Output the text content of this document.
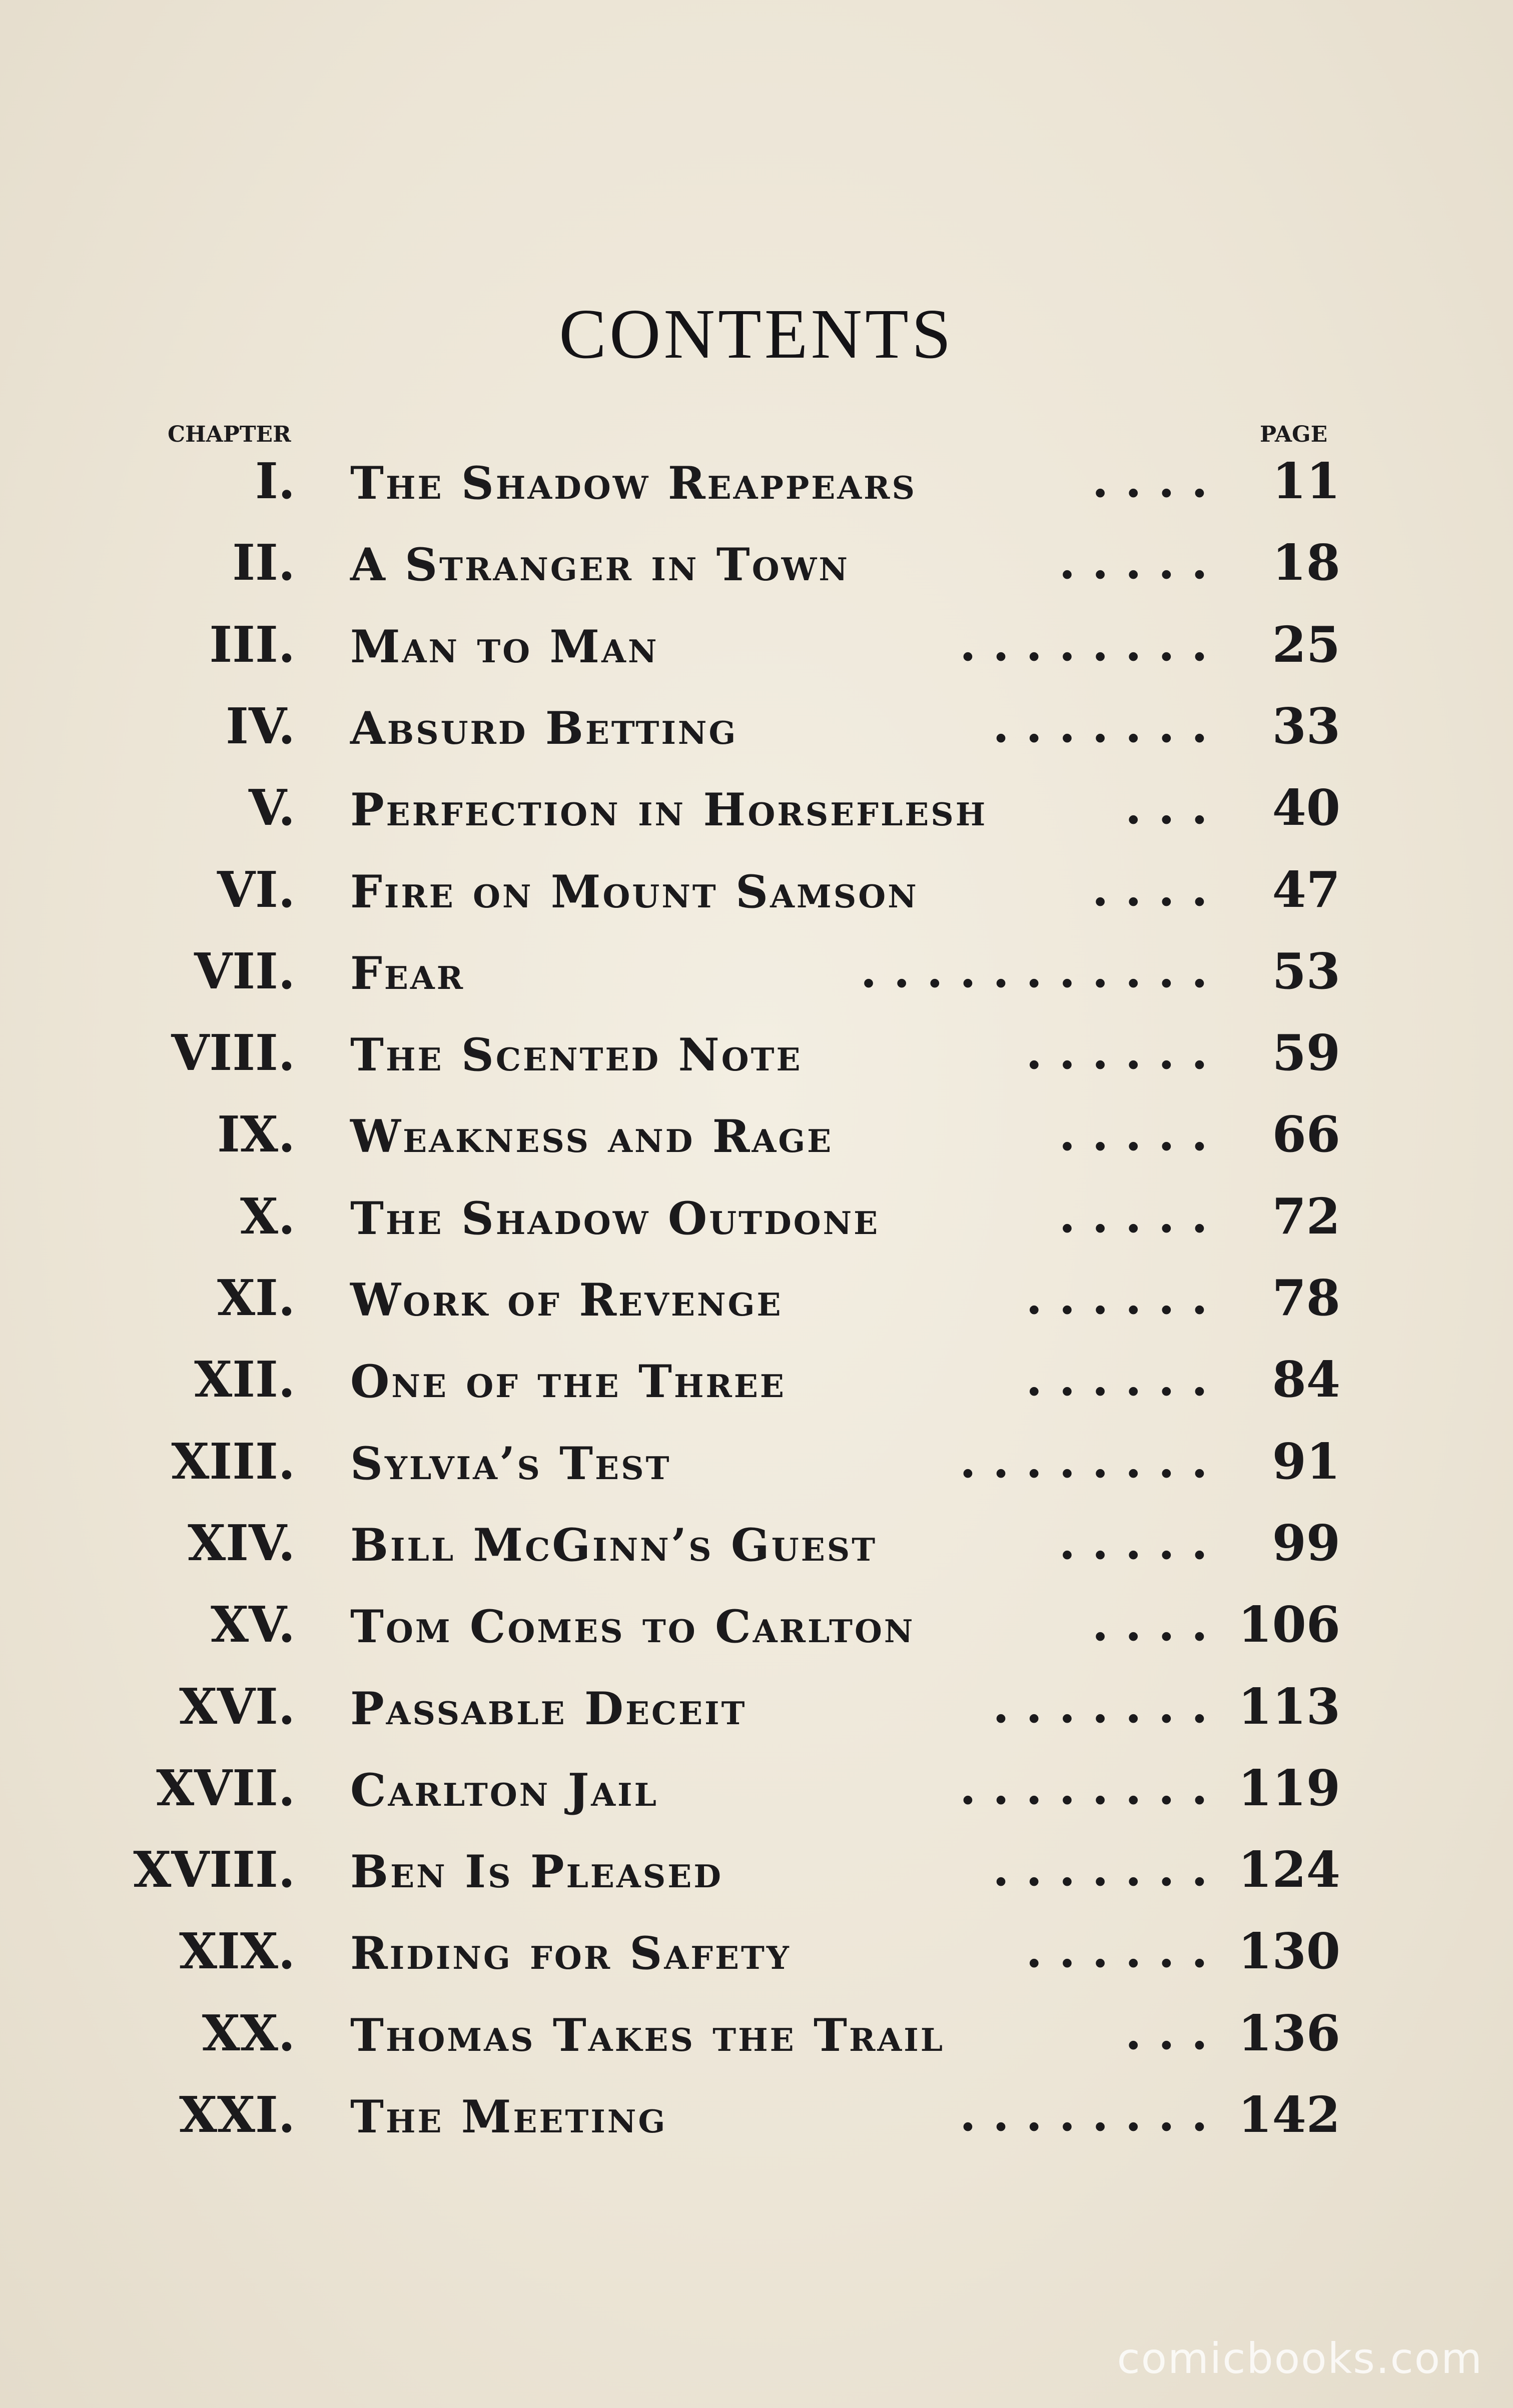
CONTENTS
CHAPTER	PAGE
I. The Shadow Reappears	. . . . 11
II. A Stranger in Town	. . . . . 18
III. Man to Man	. . . . . . . . 25
IV. Absurd Betting	. . . . . . . 33
V. Perfection in Horseflesh	. . . 40
VI. Fire on Mount Samson	. . . . 47
VII. Fear	. . . . . . . . . . . 53
VIII. The Scented Note	. . . . . . 59
IX. Weakness and Rage	. . . . . 66
X. The Shadow Outdone	. . . . . 72
XI. Work of Revenge	. . . . . . 78
XII. One of the Three	. . . . . . 84
XIII. Sylvia’s Test	. . . . . . . . 91
XIV. Bill McGinn’s Guest	. . . . . 99
XV. Tom Comes to Carlton	. . . . 106
XVI. Passable Deceit	. . . . . . . 113
XVII. Carlton Jail	. . . . . . . . 119
XVIII. Ben Is Pleased	. . . . . . . 124
XIX. Riding for Safety	. . . . . . 130
XX. Thomas Takes the Trail	. . . 136
XXI. The Meeting	. . . . . . . . 142
comicbooks.com
